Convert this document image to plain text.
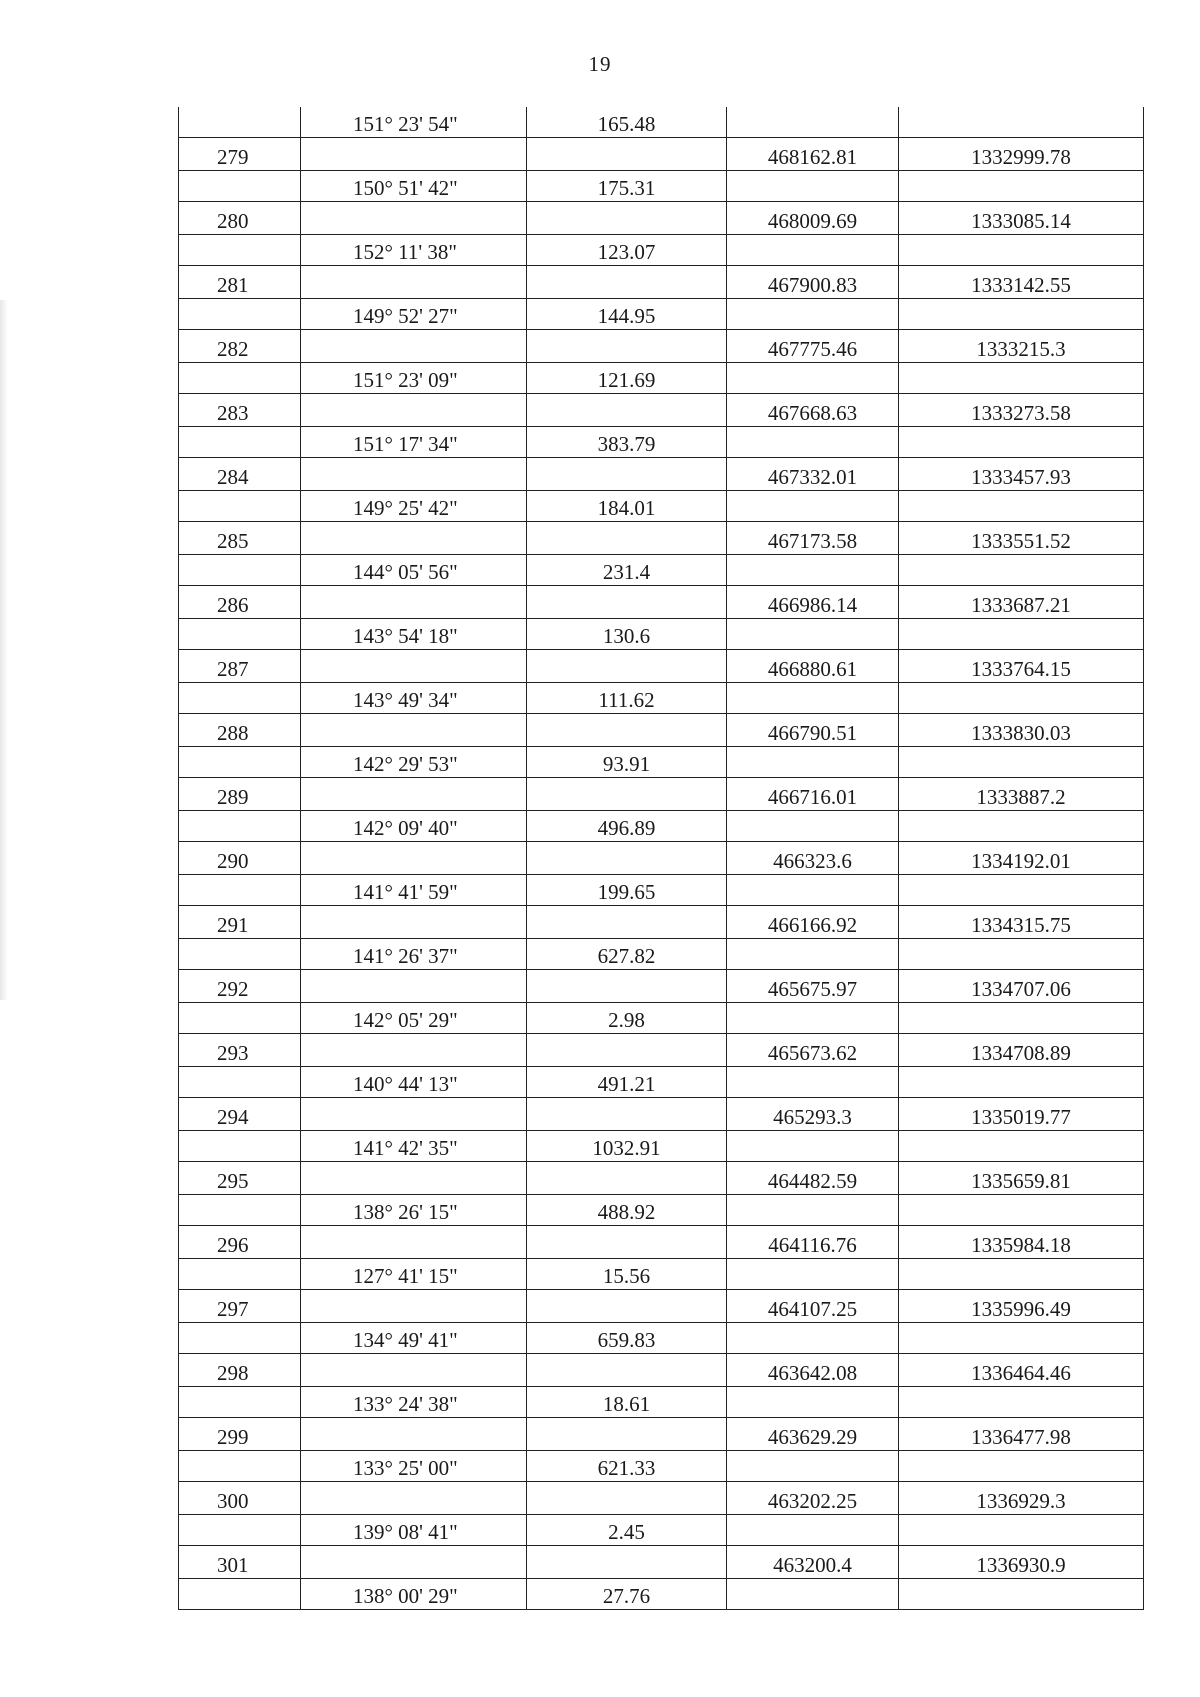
19
	151° 23' 54"	165.48		
279			468162.81	1332999.78
	150° 51' 42"	175.31		
280			468009.69	1333085.14
	152° 11' 38"	123.07		
281			467900.83	1333142.55
	149° 52' 27"	144.95		
282			467775.46	1333215.3
	151° 23' 09"	121.69		
283			467668.63	1333273.58
	151° 17' 34"	383.79		
284			467332.01	1333457.93
	149° 25' 42"	184.01		
285			467173.58	1333551.52
	144° 05' 56"	231.4		
286			466986.14	1333687.21
	143° 54' 18"	130.6		
287			466880.61	1333764.15
	143° 49' 34"	111.62		
288			466790.51	1333830.03
	142° 29' 53"	93.91		
289			466716.01	1333887.2
	142° 09' 40"	496.89		
290			466323.6	1334192.01
	141° 41' 59"	199.65		
291			466166.92	1334315.75
	141° 26' 37"	627.82		
292			465675.97	1334707.06
	142° 05' 29"	2.98		
293			465673.62	1334708.89
	140° 44' 13"	491.21		
294			465293.3	1335019.77
	141° 42' 35"	1032.91		
295			464482.59	1335659.81
	138° 26' 15"	488.92		
296			464116.76	1335984.18
	127° 41' 15"	15.56		
297			464107.25	1335996.49
	134° 49' 41"	659.83		
298			463642.08	1336464.46
	133° 24' 38"	18.61		
299			463629.29	1336477.98
	133° 25' 00"	621.33		
300			463202.25	1336929.3
	139° 08' 41"	2.45		
301			463200.4	1336930.9
	138° 00' 29"	27.76		
